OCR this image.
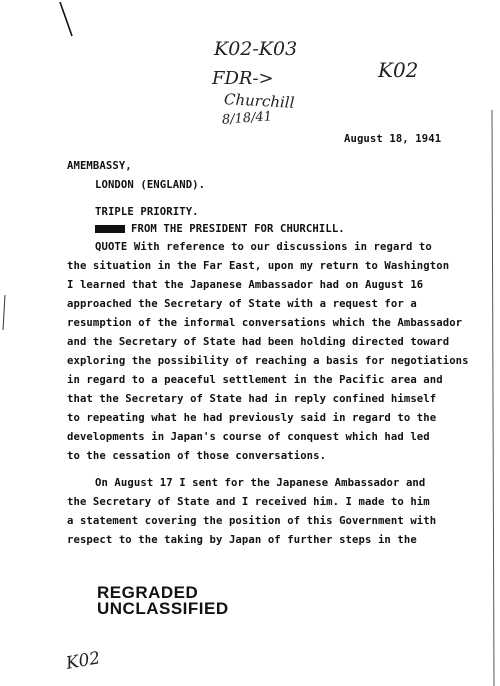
K02-K03
FDR->
Churchill
8/18/41
K02
August 18, 1941
AMEMBASSY,
LONDON (ENGLAND).
TRIPLE PRIORITY.
FROM THE PRESIDENT FOR CHURCHILL.
QUOTE With reference to our discussions in regard to
the situation in the Far East, upon my return to Washington
I learned that the Japanese Ambassador had on August 16
approached the Secretary of State with a request for a
resumption of the informal conversations which the Ambassador
and the Secretary of State had been holding directed toward
exploring the possibility of reaching a basis for negotiations
in regard to a peaceful settlement in the Pacific area and
that the Secretary of State had in reply confined himself
to repeating what he had previously said in regard to the
developments in Japan's course of conquest which had led
to the cessation of those conversations.
On August 17 I sent for the Japanese Ambassador and
the Secretary of State and I received him. I made to him
a statement covering the position of this Government with
respect to the taking by Japan of further steps in the
REGRADED
UNCLASSIFIED
K02
